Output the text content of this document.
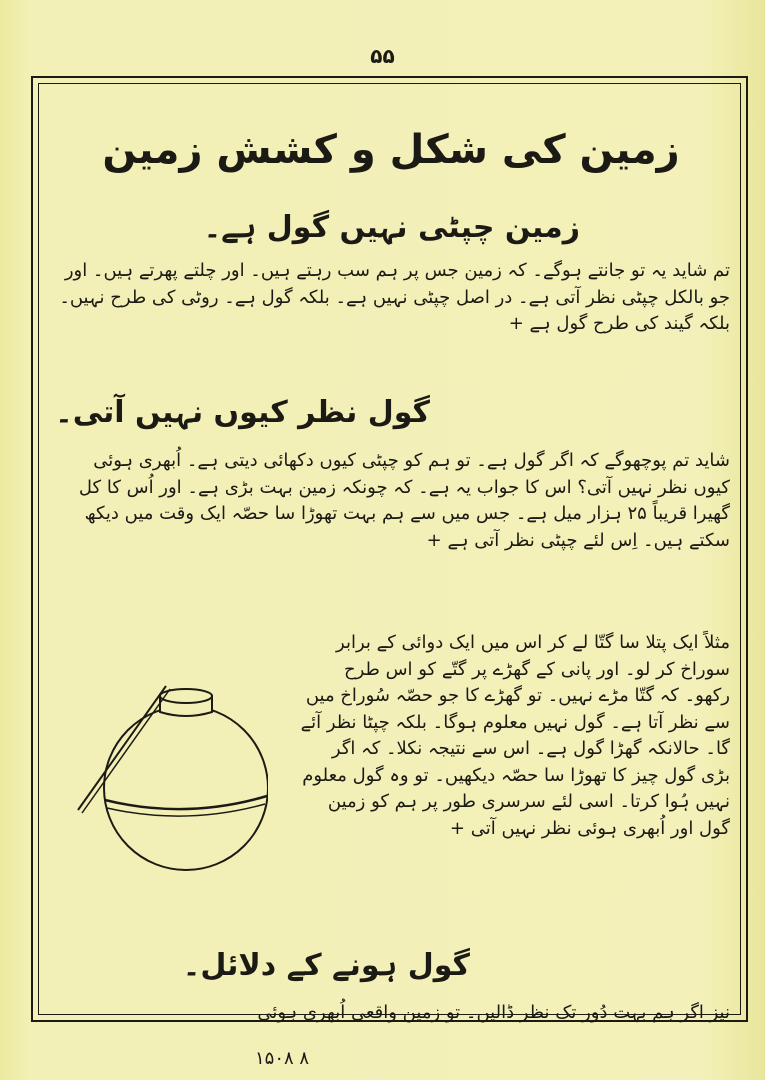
۵۵
زمین کی شکل و کشش زمین
زمین چپٹی نہیں گول ہے۔
تم شاید یہ تو جانتے ہوگے۔ کہ زمین جس پر ہم سب رہتے ہیں۔ اور چلتے پھرتے ہیں۔ اور جو بالکل چپٹی نظر آتی ہے۔ در اصل چپٹی نہیں ہے۔ بلکہ گول ہے۔ روٹی کی طرح نہیں۔ بلکہ گیند کی طرح گول ہے +
گول نظر کیوں نہیں آتی۔
شاید تم پوچھوگے کہ اگر گول ہے۔ تو ہم کو چپٹی کیوں دکھائی دیتی ہے۔ اُبھری ہوئی کیوں نظر نہیں آتی؟ اس کا جواب یہ ہے۔ کہ چونکہ زمین بہت بڑی ہے۔ اور اُس کا کل گھیرا قریباً ۲۵ ہزار میل ہے۔ جس میں سے ہم بہت تھوڑا سا حصّہ ایک وقت میں دیکھ سکتے ہیں۔ اِس لئے چپٹی نظر آتی ہے +
مثلاً ایک پتلا سا گتّا لے کر اس میں ایک دوائی کے برابر سوراخ کر لو۔ اور پانی کے گھڑے پر گتّے کو اس طرح رکھو۔ کہ گتّا مڑے نہیں۔ تو گھڑے کا جو حصّہ سُوراخ میں سے نظر آتا ہے۔ گول نہیں معلوم ہوگا۔ بلکہ چپٹا نظر آئے گا۔ حالانکہ گھڑا گول ہے۔ اس سے نتیجہ نکلا۔ کہ اگر بڑی گول چیز کا تھوڑا سا حصّہ دیکھیں۔ تو وہ گول معلوم نہیں ہُوا کرتا۔ اسی لئے سرسری طور پر ہم کو زمین گول اور اُبھری ہوئی نظر نہیں آتی +
گول ہونے کے دلائل۔
نیز اگر ہم بہت دُور تک نظر ڈالیں۔ تو زمین واقعی اُبھری ہوئی
۱۵۰۸ ۸
